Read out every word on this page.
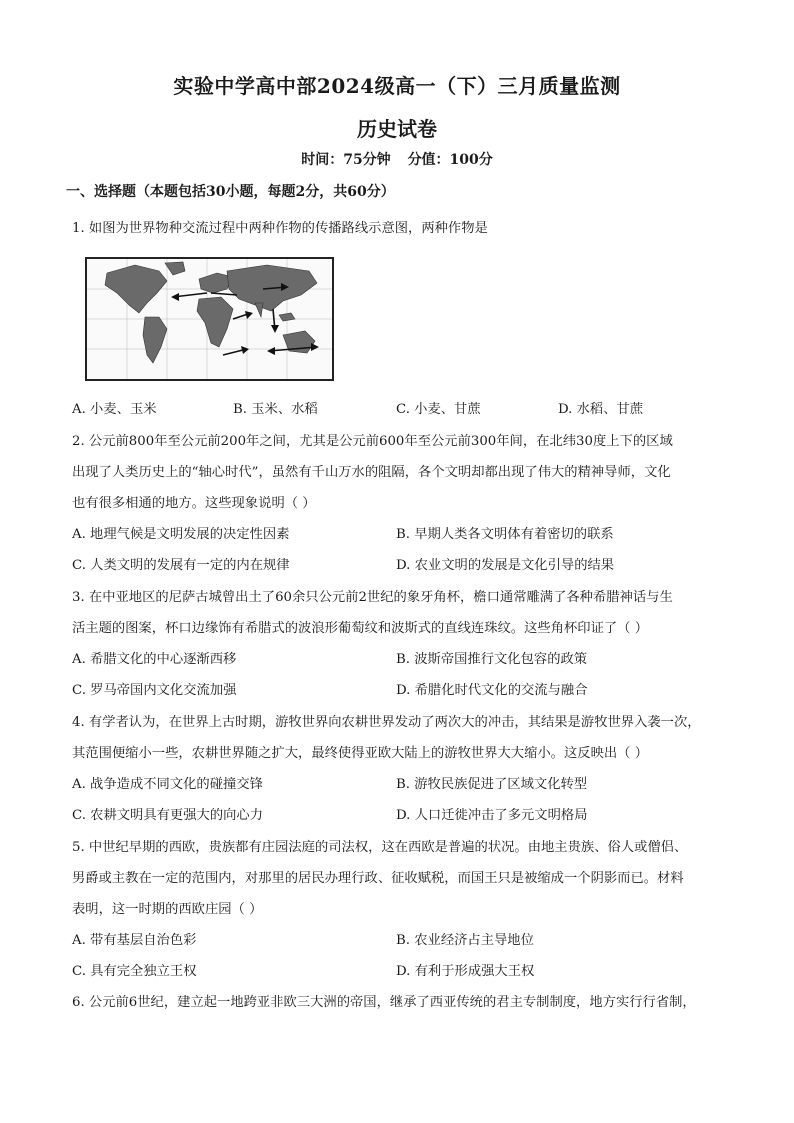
实验中学高中部2024级高一（下）三月质量监测
历史试卷
时间：75分钟 分值：100分
一、选择题（本题包括30小题，每题2分，共60分）
1. 如图为世界物种交流过程中两种作物的传播路线示意图，两种作物是
A. 小麦、玉米	B. 玉米、水稻	C. 小麦、甘蔗	D. 水稻、甘蔗

2. 公元前800年至公元前200年之间，尤其是公元前600年至公元前300年间，在北纬30度上下的区域

出现了人类历史上的“轴心时代”，虽然有千山万水的阻隔，各个文明却都出现了伟大的精神导师，文化

也有很多相通的地方。这些现象说明（ ）

A. 地理气候是文明发展的决定性因素	B. 早期人类各文明体有着密切的联系
C. 人类文明的发展有一定的内在规律	D. 农业文明的发展是文化引导的结果

3. 在中亚地区的尼萨古城曾出土了60余只公元前2世纪的象牙角杯，檐口通常雕满了各种希腊神话与生

活主题的图案，杯口边缘饰有希腊式的波浪形葡萄纹和波斯式的直线连珠纹。这些角杯印证了（ ）

A. 希腊文化的中心逐渐西移	B. 波斯帝国推行文化包容的政策
C. 罗马帝国内文化交流加强	D. 希腊化时代文化的交流与融合

4. 有学者认为，在世界上古时期，游牧世界向农耕世界发动了两次大的冲击，其结果是游牧世界入袭一次，

其范围便缩小一些，农耕世界随之扩大，最终使得亚欧大陆上的游牧世界大大缩小。这反映出（ ）

A. 战争造成不同文化的碰撞交锋	B. 游牧民族促进了区域文化转型
C. 农耕文明具有更强大的向心力	D. 人口迁徙冲击了多元文明格局

5. 中世纪早期的西欧，贵族都有庄园法庭的司法权，这在西欧是普遍的状况。由地主贵族、俗人或僧侣、

男爵或主教在一定的范围内，对那里的居民办理行政、征收赋税，而国王只是被缩成一个阴影而已。材料

表明，这一时期的西欧庄园（ ）

A. 带有基层自治色彩	B. 农业经济占主导地位
C. 具有完全独立王权	D. 有利于形成强大王权
6. 公元前6世纪，建立起一地跨亚非欧三大洲的帝国，继承了西亚传统的君主专制制度，地方实行行省制，
